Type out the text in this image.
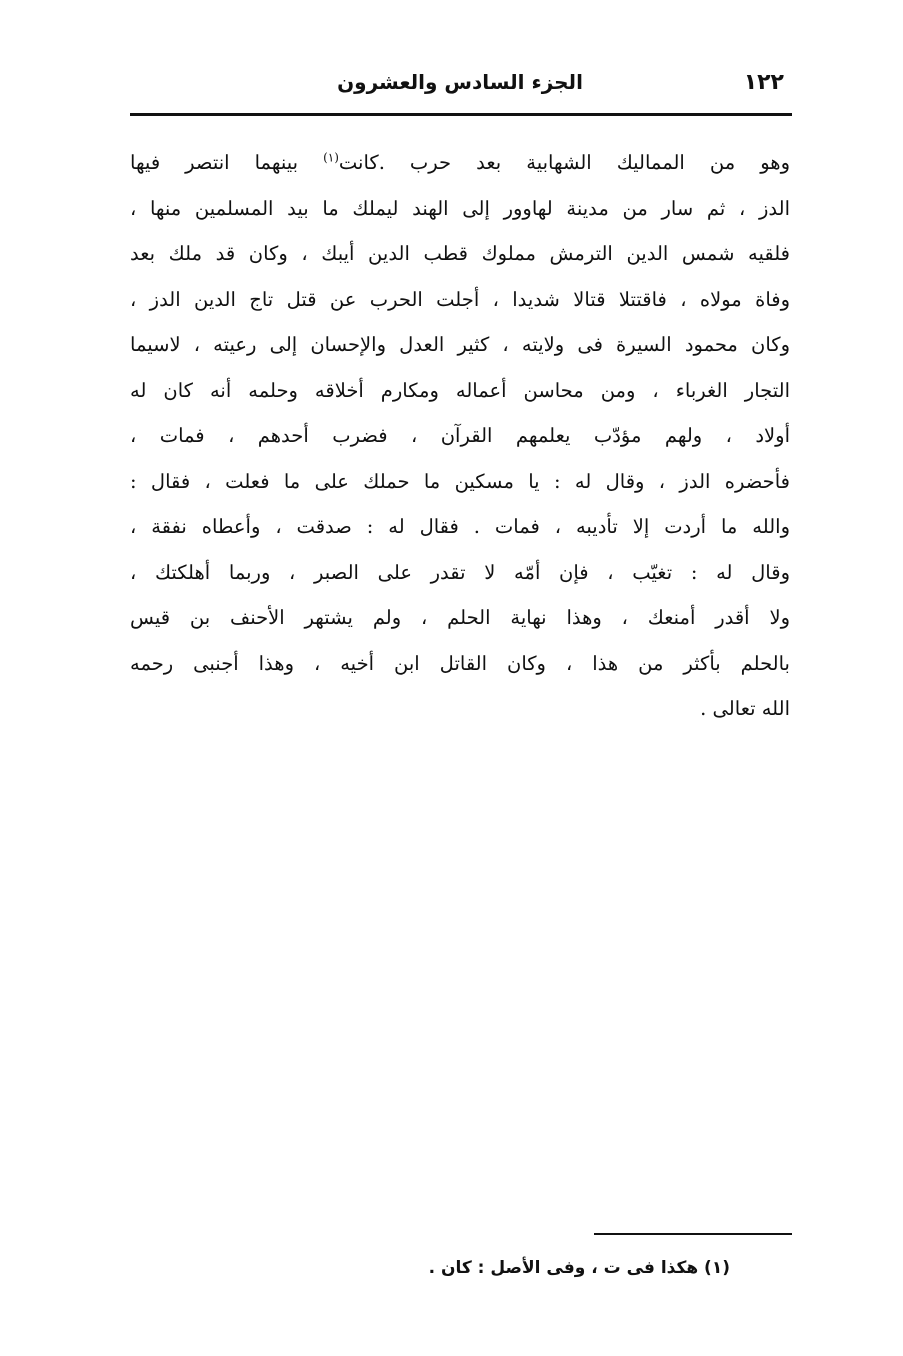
١٢٢
الجزء السادس والعشرون
وهو من المماليك الشهابية بعد حرب .كانت$^{(١)}$ بينهما انتصر فيها
الدز ، ثم سار من مدينة لهاوور إلى الهند ليملك ما بيد المسلمين منها ،
فلقيه شمس الدين الترمش مملوك قطب الدين أيبك ، وكان قد ملك بعد
وفاة مولاه ، فاقتتلا قتالا شديدا ، أجلت الحرب عن قتل تاج الدين الدز ،
وكان محمود السيرة فى ولايته ، كثير العدل والإحسان إلى رعيته ، لاسيما
التجار الغرباء ، ومن محاسن أعماله ومكارم أخلاقه وحلمه أنه كان له
أولاد ، ولهم مؤدّب يعلمهم القرآن ، فضرب أحدهم ، فمات ،
فأحضره الدز ، وقال له : يا مسكين ما حملك على ما فعلت ، فقال :
والله ما أردت إلا تأديبه ، فمات . فقال له : صدقت ، وأعطاه نفقة ،
وقال له : تغيّب ، فإن أمّه لا تقدر على الصبر ، وربما أهلكتك ،
ولا أقدر أمنعك ، وهذا نهاية الحلم ، ولم يشتهر الأحنف بن قيس
بالحلم بأكثر من هذا ، وكان القاتل ابن أخيه ، وهذا أجنبى رحمه
الله تعالى .
(١) هكذا فى ت ، وفى الأصل : كان .
